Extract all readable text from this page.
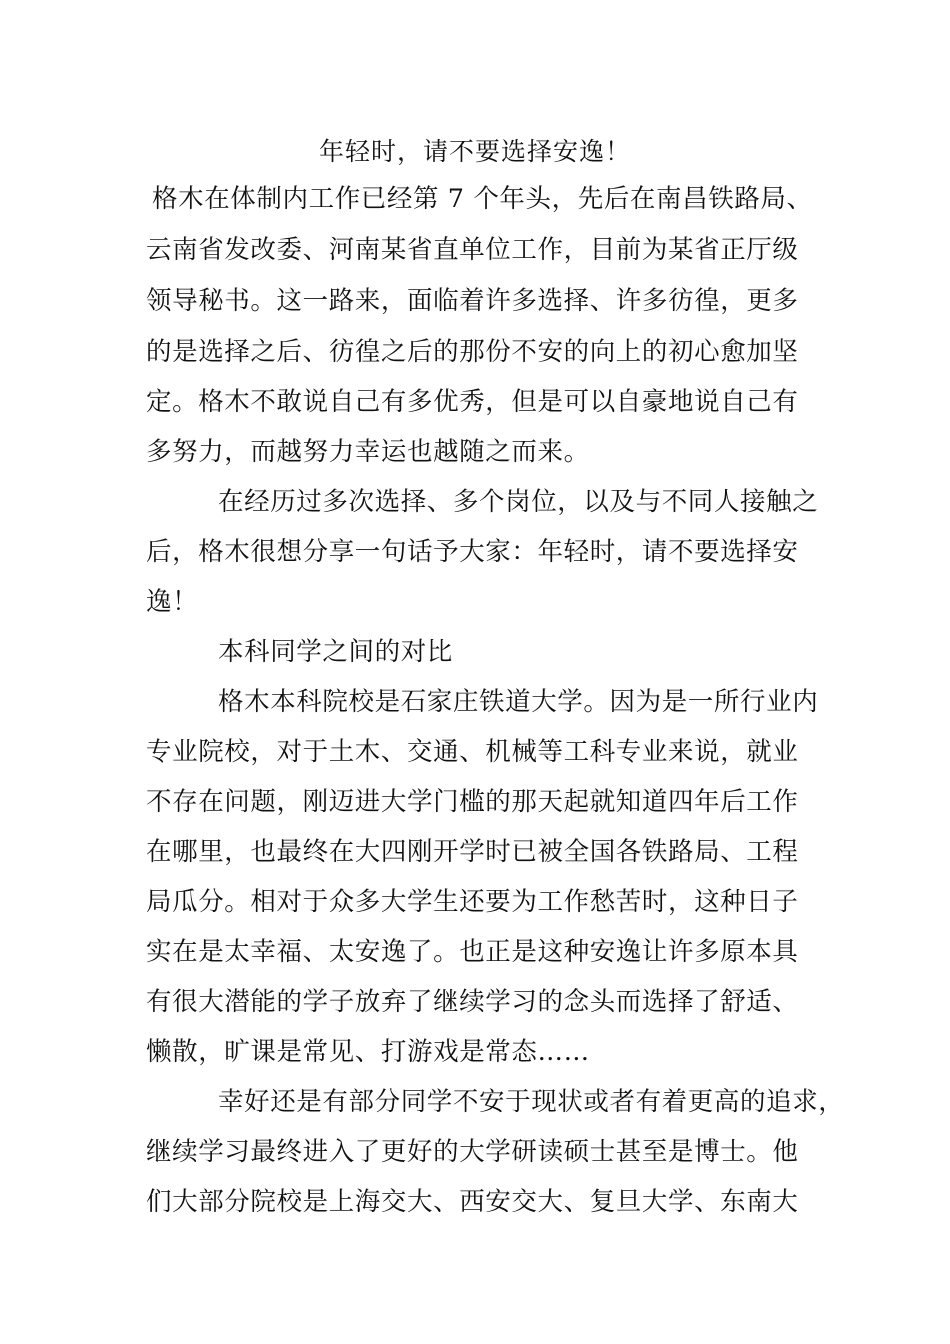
年轻时，请不要选择安逸！
格木在体制内工作已经第 7 个年头，先后在南昌铁路局、
云南省发改委、河南某省直单位工作，目前为某省正厅级
领导秘书。这一路来，面临着许多选择、许多彷徨，更多
的是选择之后、彷徨之后的那份不安的向上的初心愈加坚
定。格木不敢说自己有多优秀，但是可以自豪地说自己有
多努力，而越努力幸运也越随之而来。
在经历过多次选择、多个岗位，以及与不同人接触之
后，格木很想分享一句话予大家：年轻时，请不要选择安
逸！
本科同学之间的对比
格木本科院校是石家庄铁道大学。因为是一所行业内
专业院校，对于土木、交通、机械等工科专业来说，就业
不存在问题，刚迈进大学门槛的那天起就知道四年后工作
在哪里，也最终在大四刚开学时已被全国各铁路局、工程
局瓜分。相对于众多大学生还要为工作愁苦时，这种日子
实在是太幸福、太安逸了。也正是这种安逸让许多原本具
有很大潜能的学子放弃了继续学习的念头而选择了舒适、
懒散，旷课是常见、打游戏是常态……
幸好还是有部分同学不安于现状或者有着更高的追求，
继续学习最终进入了更好的大学研读硕士甚至是博士。他
们大部分院校是上海交大、西安交大、复旦大学、东南大
